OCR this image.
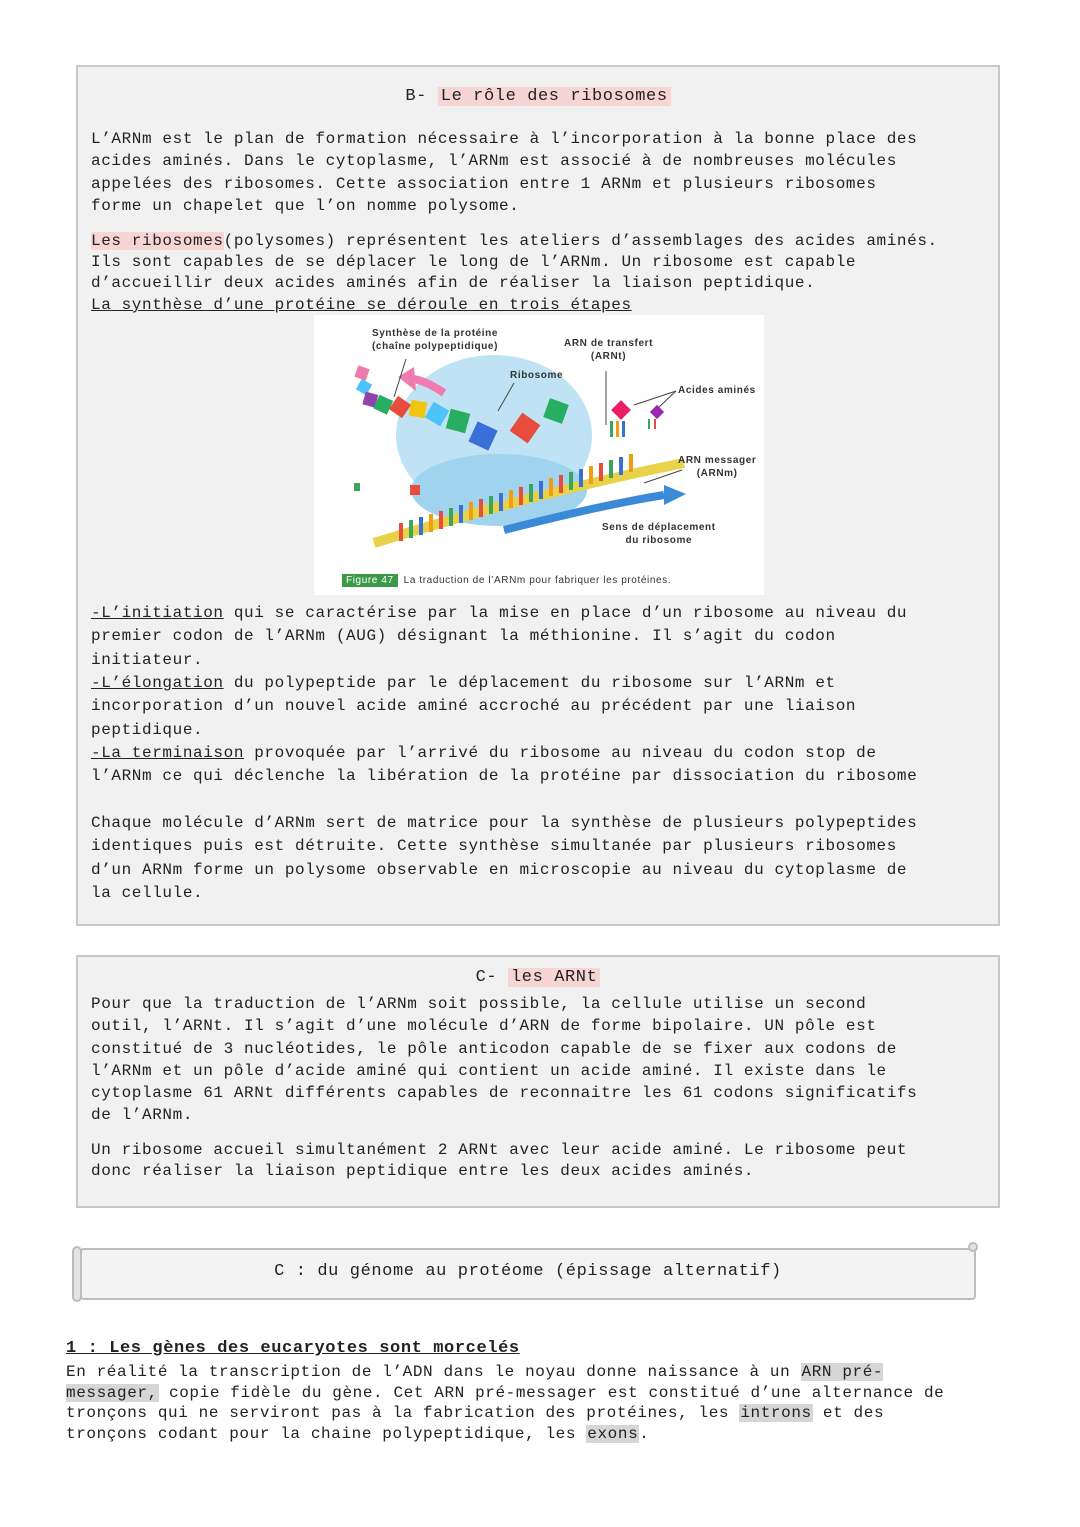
B- Le rôle des ribosomes
L’ARNm est le plan de formation nécessaire à l’incorporation à la bonne place des
acides aminés. Dans le cytoplasme, l’ARNm est associé à de nombreuses molécules
appelées des ribosomes. Cette association entre 1 ARNm et plusieurs ribosomes
forme un chapelet que l’on nomme polysome.
Les ribosomes(polysomes) représentent les ateliers d’assemblages des acides aminés.
Ils sont capables de se déplacer le long de l’ARNm. Un ribosome est capable
d’accueillir deux acides aminés afin de réaliser la liaison peptidique.
La synthèse d’une protéine se déroule en trois étapes
Synthèse de la protéine
(chaîne polypeptidique)
Ribosome
ARN de transfert
(ARNt)
Acides aminés
ARN messager
(ARNm)
Sens de déplacement
du ribosome
Figure 47 La traduction de l’ARNm pour fabriquer les protéines.
-L’initiation qui se caractérise par la mise en place d’un ribosome au niveau du
premier codon de l’ARNm (AUG) désignant la méthionine. Il s’agit du codon
initiateur.
-L’élongation du polypeptide par le déplacement du ribosome sur l’ARNm et
incorporation d’un nouvel acide aminé accroché au précédent par une liaison
peptidique.
-La terminaison provoquée par l’arrivé du ribosome au niveau du codon stop de
l’ARNm ce qui déclenche la libération de la protéine par dissociation du ribosome
Chaque molécule d’ARNm sert de matrice pour la synthèse de plusieurs polypeptides
identiques puis est détruite. Cette synthèse simultanée par plusieurs ribosomes
d’un ARNm forme un polysome observable en microscopie au niveau du cytoplasme de
la cellule.
C- les ARNt
Pour que la traduction de l’ARNm soit possible, la cellule utilise un second
outil, l’ARNt. Il s’agit d’une molécule d’ARN de forme bipolaire. UN pôle est
constitué de 3 nucléotides, le pôle anticodon capable de se fixer aux codons de
l’ARNm et un pôle d’acide aminé qui contient un acide aminé. Il existe dans le
cytoplasme 61 ARNt différents capables de reconnaitre les 61 codons significatifs
de l’ARNm.
Un ribosome accueil simultanément 2 ARNt avec leur acide aminé. Le ribosome peut
donc réaliser la liaison peptidique entre les deux acides aminés.
C : du génome au protéome (épissage alternatif)
1 : Les gènes des eucaryotes sont morcelés
En réalité la transcription de l’ADN dans le noyau donne naissance à un ARN pré-
messager, copie fidèle du gène. Cet ARN pré-messager est constitué d’une alternance de
tronçons qui ne serviront pas à la fabrication des protéines, les introns et des
tronçons codant pour la chaine polypeptidique, les exons.
